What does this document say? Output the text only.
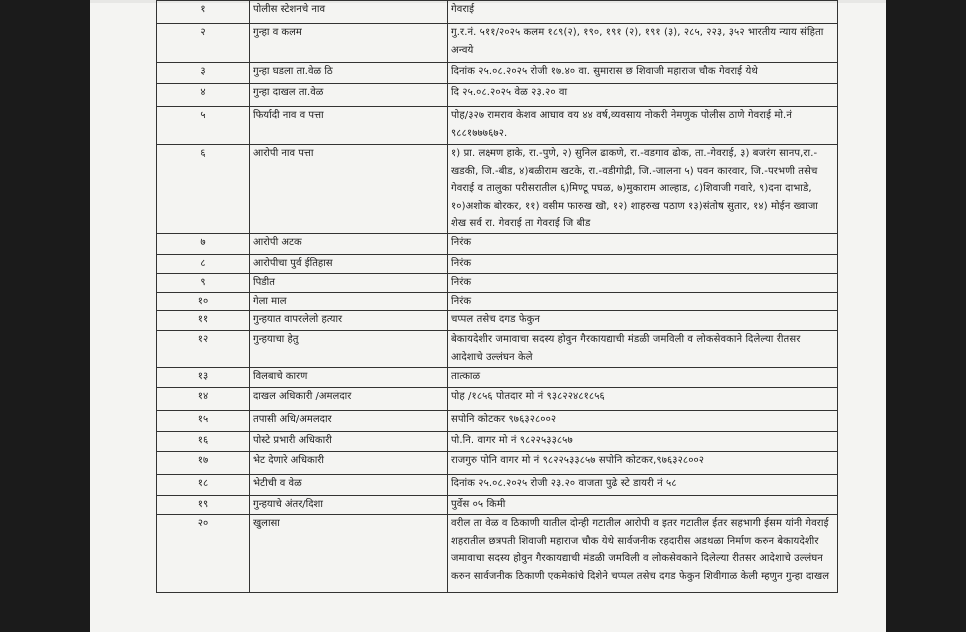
१	पोलीस स्टेशनचे नाव	गेवराई
२	गुन्हा व कलम	गु.र.नं. ५११/२०२५ कलम १८९(२), १९०, १९१ (२), १९१ (३), २८५, २२३, ३५२ भारतीय न्याय संहिता अन्वये
३	गुन्हा घडला ता.वेळ ठि	दिनांक २५.०८.२०२५ रोजी १७.४० वा. सुमारास छ शिवाजी महाराज चौक गेवराई येथे
४	गुन्हा दाखल ता.वेळ	दि २५.०८.२०२५ वेळ २३.२० वा
५	फिर्यादी नाव व पत्ता	पोह/३२७ रामराव केशव आघाव वय ४४ वर्ष,व्यवसाय नोकरी नेमणुक पोलीस ठाणे गेवराई मो.नं ९८८१७७७६७२.
६	आरोपी नाव पत्ता	१) प्रा. लक्ष्मण हाके, रा.-पुणे, २) सुनिल ढाकणे, रा.-वडगाव ढोक, ता.-गेवराई, ३) बजरंग सानप,रा.-खडकी, जि.-बीड, ४)बळीराम खटके, रा.-वडीगोद्री, जि.-जालना ५) पवन कारवार, जि.-परभणी तसेच गेवराई व तालुका परीसरातील ६)मिण्टू पघळ, ७)मुकाराम आल्हाड, ८)शिवाजी गवारे, ९)दना दाभाडे, १०)अशोक बोरकर, ११) वसीम फारुख खॊ, १२) शाहरुख पठाण १३)संतोष सुतार, १४) मोईन ख्वाजा शेख सर्व रा. गेवराई ता गेवराई जि बीड
७	आरोपी अटक	निरंक
८	आरोपीचा पुर्व ईतिहास	निरंक
९	पिडीत	निरंक
१०	गेला माल	निरंक
११	गुन्हयात वापरलेलो हत्यार	चप्पल तसेच दगड फेकुन
१२	गुन्हयाचा हेतु	बेकायदेशीर जमावाचा सदस्य होवुन गैरकायद्याची मंडळी जमविली व लोकसेवकाने दिलेल्या रीतसर आदेशाचे उल्लंघन केले
१३	विलबाचे कारण	तात्काळ
१४	दाखल अधिकारी /अमलदार	पोह /१८५६ पोतदार मो नं ९३८२२४८१८५६
१५	तपासी अधि/अमलदार	सपोनि कोटकर ९७६३२८००२
१६	पोस्टे प्रभारी अधिकारी	पो.नि. वागर मो नं ९८२२५३३८५७
१७	भेट देणारे अधिकारी	राजगुरु पोनि वागर मो नं ९८२२५३३८५७ सपोनि कोटकर,९७६३२८००२
१८	भेटीची व वेळ	दिनांक २५.०८.२०२५ रोजी २३.२० वाजता पुढे स्टे डायरी नं ५८
१९	गुन्हयाचे अंतर/दिशा	पुर्वेस ०५ किमी
२०	खुलासा	वरील ता वेळ व ठिकाणी यातील दोन्ही गटातील आरोपी व इतर गटातील ईतर सहभागी ईसम यांनी गेवराई शहरातील छत्रपती शिवाजी महाराज चौक येथे सार्वजनीक रहदारीस अडथळा निर्माण करुन बेकायदेशीर जमावाचा सदस्य होवुन गैरकायद्याची मंडळी जमविली व लोकसेवकाने दिलेल्या रीतसर आदेशाचे उल्लंघन करुन सार्वजनीक ठिकाणी एकमेकांचे दिशेने चप्पल तसेच दगड फेकुन शिवीगाळ केली म्हणुन गुन्हा दाखल
